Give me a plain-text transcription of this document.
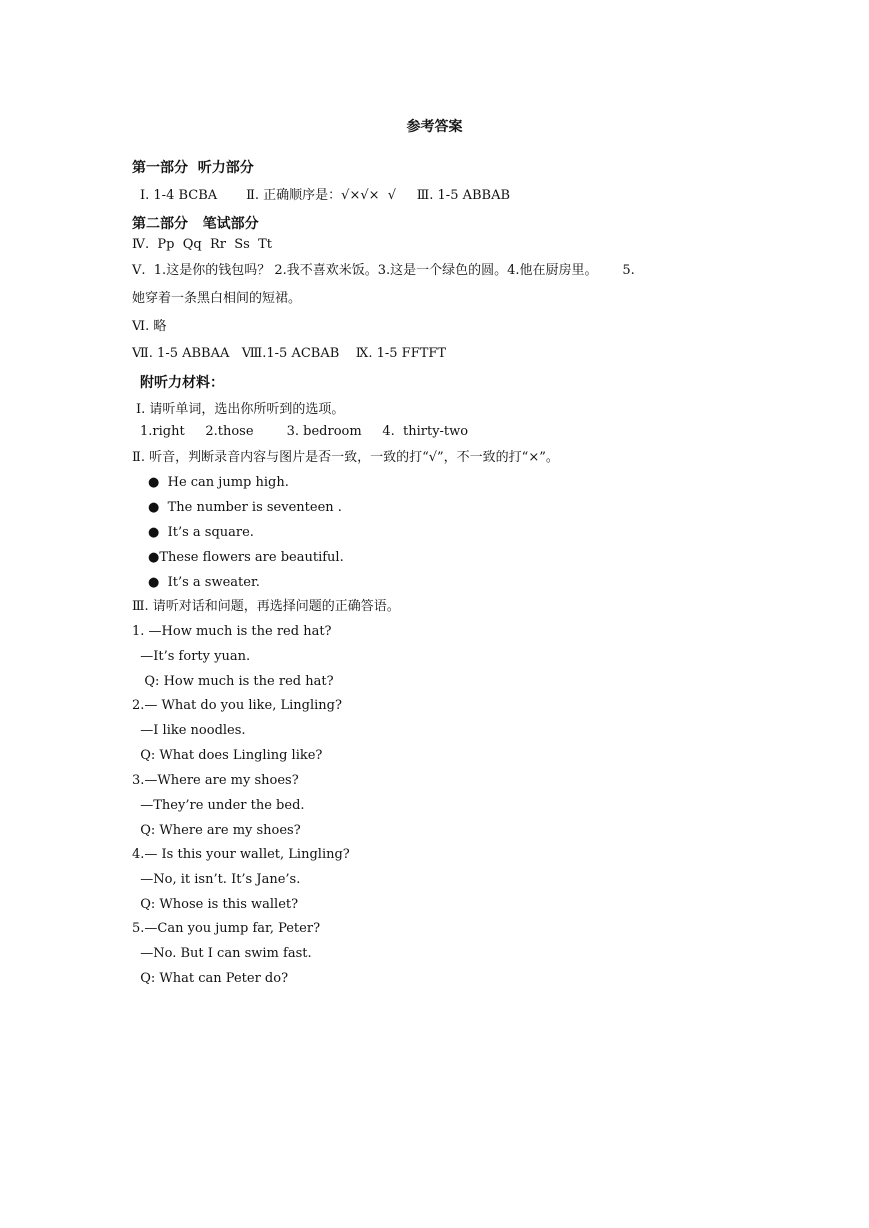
参考答案
第一部分  听力部分
Ⅰ. 1-4 BCBA       Ⅱ. 正确顺序是：√×√×  √     Ⅲ. 1-5 ABBAB
第二部分   笔试部分
Ⅳ.  Pp  Qq  Rr  Ss  Tt
Ⅴ.  1.这是你的钱包吗？ 2.我不喜欢米饭。3.这是一个绿色的圆。4.他在厨房里。      5.
她穿着一条黑白相间的短裙。
Ⅵ. 略
Ⅶ. 1-5 ABBAA   Ⅷ.1-5 ACBAB    Ⅸ. 1-5 FFTFT
附听力材料：
Ⅰ. 请听单词，选出你所听到的选项。
1.right     2.those        3. bedroom     4.  thirty-two
Ⅱ. 听音，判断录音内容与图片是否一致，一致的打“√”，不一致的打“×”。
●  He can jump high.
●  The number is seventeen .
●  It’s a square.
●These flowers are beautiful.
●  It’s a sweater.
Ⅲ. 请听对话和问题，再选择问题的正确答语。
1. —How much is the red hat?
—It’s forty yuan.
Q: How much is the red hat?
2.— What do you like, Lingling?
—I like noodles.
Q: What does Lingling like?
3.—Where are my shoes?
—They’re under the bed.
Q: Where are my shoes?
4.— Is this your wallet, Lingling?
—No, it isn’t. It’s Jane’s.
Q: Whose is this wallet?
5.—Can you jump far, Peter?
—No. But I can swim fast.
Q: What can Peter do?
